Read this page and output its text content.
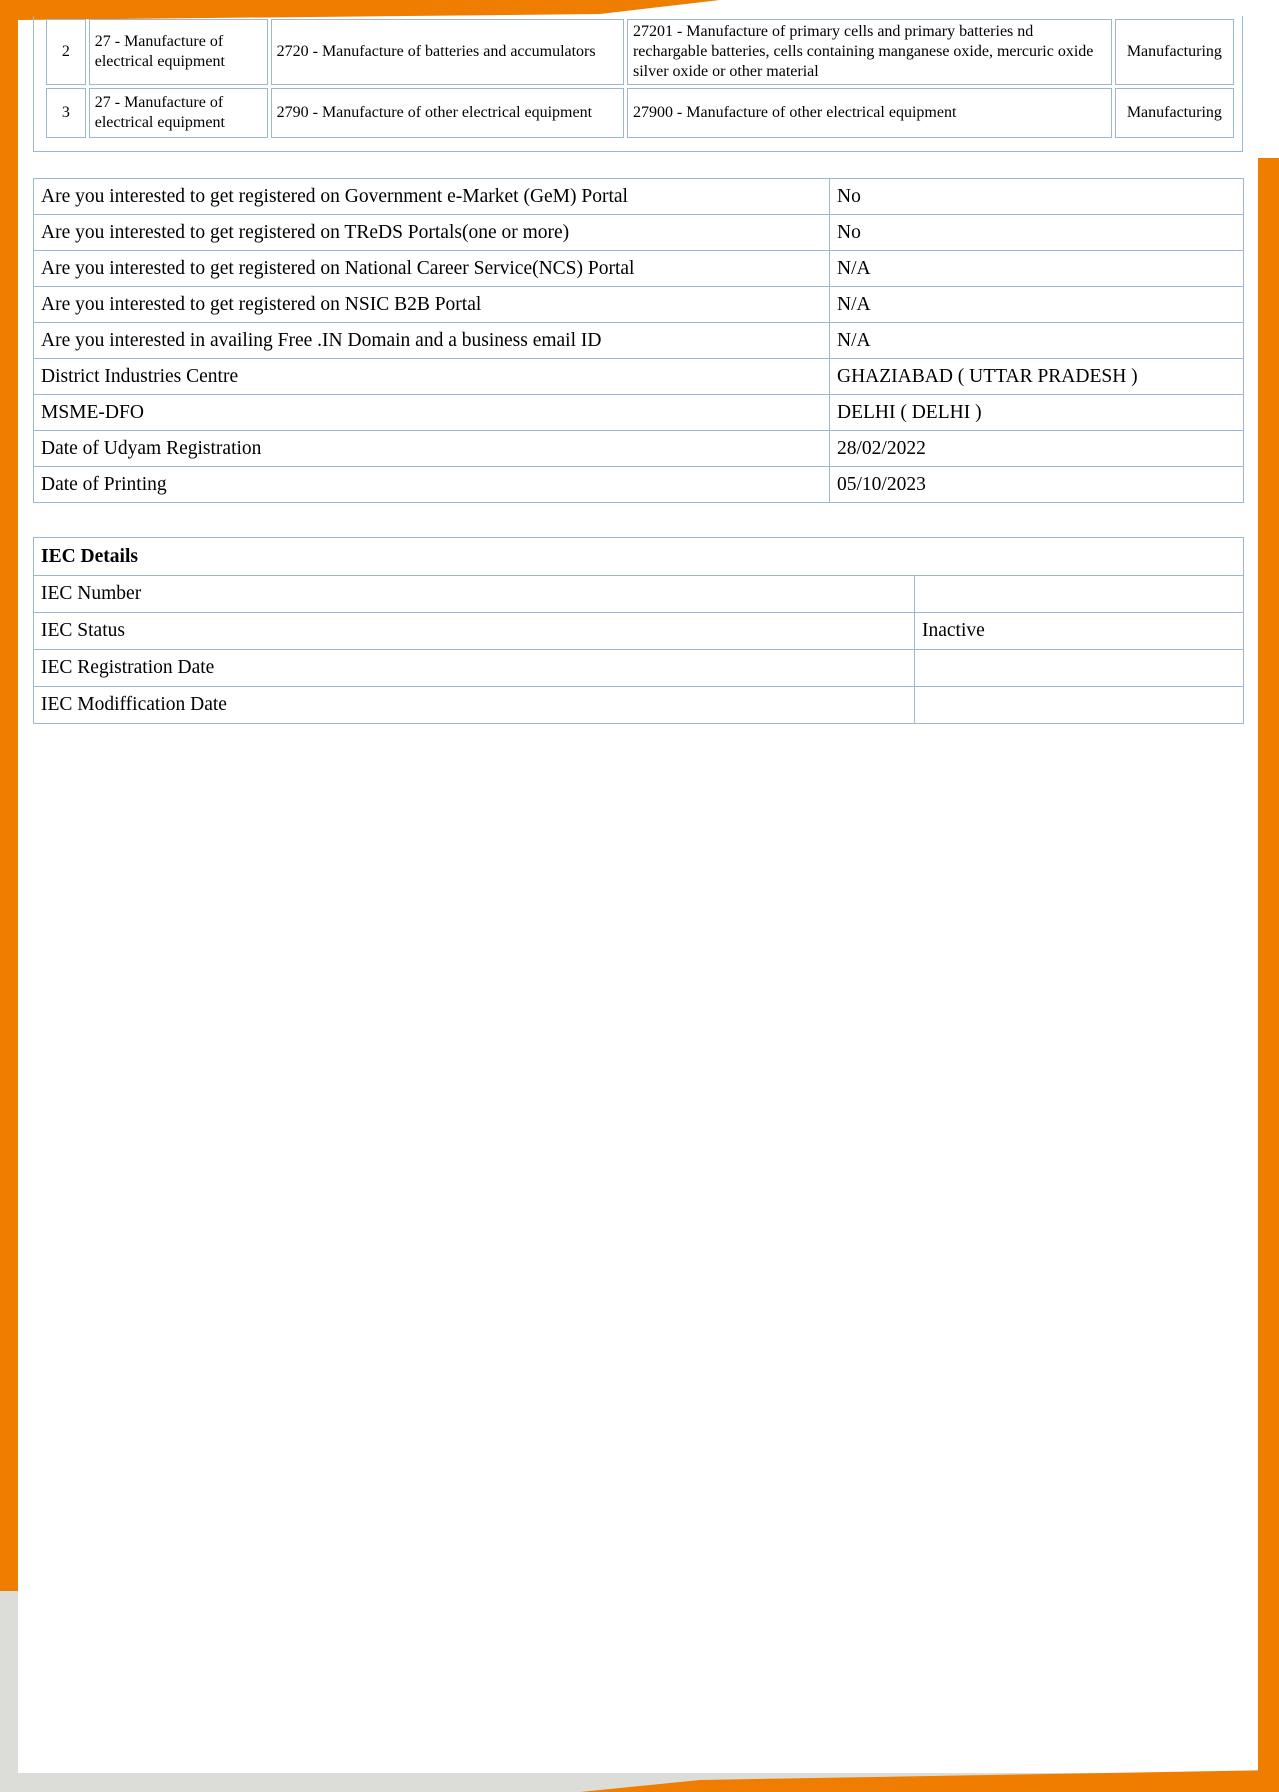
2	27 - Manufacture of electrical equipment	2720 - Manufacture of batteries and accumulators	27201 - Manufacture of primary cells and primary batteries nd rechargable batteries, cells containing manganese oxide, mercuric oxide silver oxide or other material	Manufacturing
3	27 - Manufacture of electrical equipment	2790 - Manufacture of other electrical equipment	27900 - Manufacture of other electrical equipment	Manufacturing
Are you interested to get registered on Government e-Market (GeM) Portal	No
Are you interested to get registered on TReDS Portals(one or more)	No
Are you interested to get registered on National Career Service(NCS) Portal	N/A
Are you interested to get registered on NSIC B2B Portal	N/A
Are you interested in availing Free .IN Domain and a business email ID	N/A
District Industries Centre	GHAZIABAD ( UTTAR PRADESH )
MSME-DFO	DELHI ( DELHI )
Date of Udyam Registration	28/02/2022
Date of Printing	05/10/2023
IEC Details	
IEC Number	
IEC Status	Inactive
IEC Registration Date	
IEC Modiffication Date	
